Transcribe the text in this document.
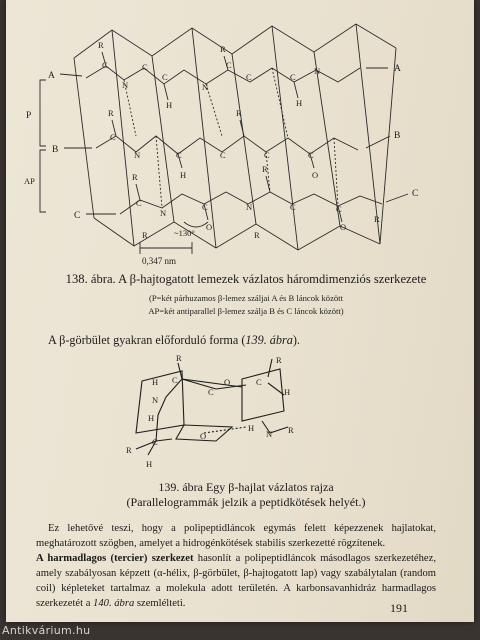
C
N
C
C
N
C
C	C
N
C
N	C	C	C	C
C
N
C	N	C	C
R	R
R	R
R
R
H	H
H	O
O	O
R	R
R
A
A
B
B
C
C
P
AP
0,347 nm
~130°
138. ábra. A β-hajtogatott lemezek vázlatos háromdimenziós szerkezete
(P=két párhuzamos β-lemez száljai A és B láncok között
AP=két antiparallel β-lemez szálja B és C láncok között)
A β-görbület gyakran előforduló forma (139. ábra).
H C
C
O	C
N
H
C
R
H
O
H
N R
R	R
H
139. ábra Egy β-hajlat vázlatos rajza
(Parallelogrammák jelzik a peptidkötések helyét.)

Ez lehetővé teszi, hogy a polipeptidláncok egymás felett képezzenek hajlatokat, meghatározott szögben, amelyet a hidrogénkötések stabilis szerkezetté rögzítenek.

A harmadlagos (tercier) szerkezet hasonlít a polipeptidláncok másodlagos szerkezetéhez, amely szabályosan képzett (α-hélix, β-görbület, β-hajtogatott lap) vagy szabálytalan (random coil) képleteket tartalmaz a molekula adott területén. A karbonsavanhidráz harmadlagos szerkezetét a 140. ábra szemlélteti.	191
Antikvárium.hu
